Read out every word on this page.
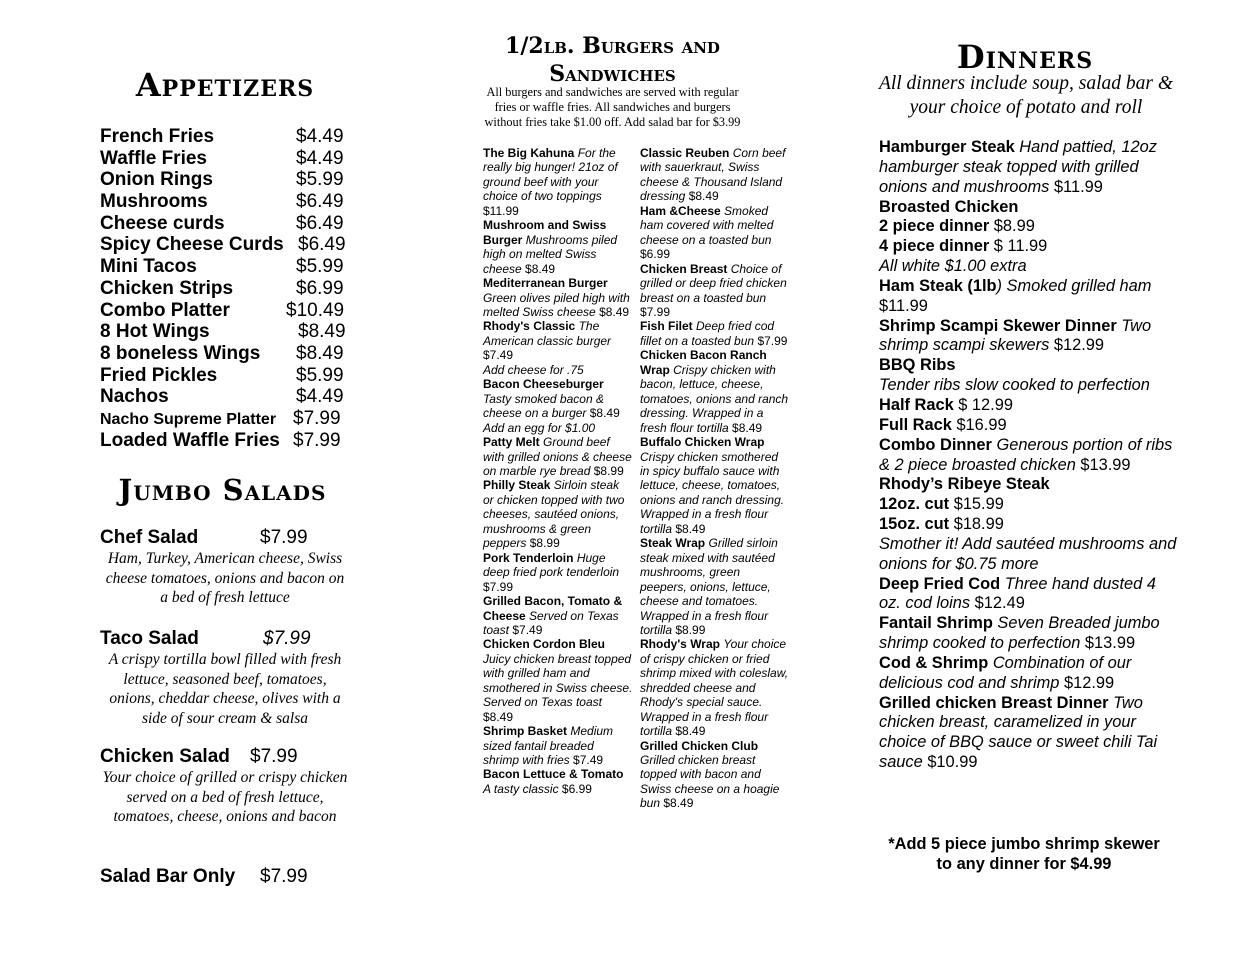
Appetizers
French Fries	$4.49
Waffle Fries	$4.49
Onion Rings	$5.99
Mushrooms	$6.49
Cheese curds	$6.49
Spicy Cheese Curds $6.49
Mini Tacos	$5.99
Chicken Strips	$6.99
Combo Platter	$10.49
8 Hot Wings	$8.49
8 boneless Wings $8.49
Fried Pickles	$5.99
Nachos	$4.49
Nacho Supreme Platter $7.99
Loaded Waffle Fries $7.99
Jumbo Salads
Chef Salad	$7.99
Ham, Turkey, American cheese, Swiss cheese tomatoes, onions and bacon on a bed of fresh lettuce
Taco Salad	$7.99
A crispy tortilla bowl filled with fresh lettuce, seasoned beef, tomatoes, onions, cheddar cheese, olives with a side of sour cream & salsa
Chicken Salad $7.99
Your choice of grilled or crispy chicken served on a bed of fresh lettuce, tomatoes, cheese, onions and bacon
Salad Bar Only $7.99
1/2lb. Burgers and
Sandwiches
All burgers and sandwiches are served with regular fries or waffle fries. All sandwiches and burgers without fries take $1.00 off. Add salad bar for $3.99
The Big Kahuna For the really big hunger! 21oz of ground beef with your choice of two toppings $11.99
Mushroom and Swiss Burger Mushrooms piled high on melted Swiss cheese $8.49
Mediterranean Burger Green olives piled high with melted Swiss cheese $8.49
Rhody's Classic The American classic burger $7.49
Add cheese for .75
Bacon Cheeseburger Tasty smoked bacon & cheese on a burger $8.49
Add an egg for $1.00
Patty Melt Ground beef with grilled onions & cheese on marble rye bread $8.99
Philly Steak Sirloin steak or chicken topped with two cheeses, sautéed onions, mushrooms & green peppers $8.99
Pork Tenderloin Huge deep fried pork tenderloin $7.99
Grilled Bacon, Tomato & Cheese Served on Texas toast $7.49
Chicken Cordon Bleu Juicy chicken breast topped with grilled ham and smothered in Swiss cheese. Served on Texas toast $8.49
Shrimp Basket Medium sized fantail breaded shrimp with fries $7.49
Bacon Lettuce & Tomato A tasty classic $6.99
Classic Reuben Corn beef with sauerkraut, Swiss cheese & Thousand Island dressing $8.49
Ham &Cheese Smoked ham covered with melted cheese on a toasted bun $6.99
Chicken Breast Choice of grilled or deep fried chicken breast on a toasted bun $7.99
Fish Filet Deep fried cod fillet on a toasted bun $7.99
Chicken Bacon Ranch Wrap Crispy chicken with bacon, lettuce, cheese, tomatoes, onions and ranch dressing. Wrapped in a fresh flour tortilla $8.49
Buffalo Chicken Wrap Crispy chicken smothered in spicy buffalo sauce with lettuce, cheese, tomatoes, onions and ranch dressing. Wrapped in a fresh flour tortilla $8.49
Steak Wrap Grilled sirloin steak mixed with sautéed mushrooms, green peepers, onions, lettuce, cheese and tomatoes. Wrapped in a fresh flour tortilla $8.99
Rhody's Wrap Your choice of crispy chicken or fried shrimp mixed with coleslaw, shredded cheese and Rhody's special sauce. Wrapped in a fresh flour tortilla $8.49
Grilled Chicken Club Grilled chicken breast topped with bacon and Swiss cheese on a hoagie bun $8.49
Dinners
All dinners include soup, salad bar & your choice of potato and roll
Hamburger Steak Hand pattied, 12oz hamburger steak topped with grilled onions and mushrooms $11.99
Broasted Chicken
2 piece dinner $8.99
4 piece dinner $ 11.99
All white $1.00 extra
Ham Steak (1lb) Smoked grilled ham $11.99
Shrimp Scampi Skewer Dinner Two shrimp scampi skewers $12.99
BBQ Ribs
Tender ribs slow cooked to perfection
Half Rack $ 12.99
Full Rack $16.99
Combo Dinner Generous portion of ribs & 2 piece broasted chicken $13.99
Rhody’s Ribeye Steak
12oz. cut $15.99
15oz. cut $18.99
Smother it! Add sautéed mushrooms and onions for $0.75 more
Deep Fried Cod Three hand dusted 4 oz. cod loins $12.49
Fantail Shrimp Seven Breaded jumbo shrimp cooked to perfection $13.99
Cod & Shrimp Combination of our delicious cod and shrimp $12.99
Grilled chicken Breast Dinner Two chicken breast, caramelized in your choice of BBQ sauce or sweet chili Tai sauce $10.99
*Add 5 piece jumbo shrimp skewer
to any dinner for $4.99
